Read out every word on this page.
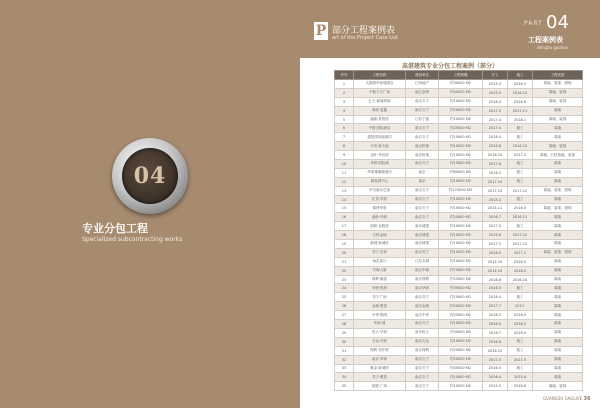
04
专业分包工程
Specialized subcontracting works
P 部分工程案例表
art of the Project Case List
PART 04
工程案例表
dengbu gaolive
高湛建筑专业分包工程案例（部分）
序号	工程名称	建设单位	工程规模	开工	竣工	工程类型
1	大朝湾华侨城酒店	江西地产	约30000 M2	2015.4	2016.5	幕墙、装饰、照明
2	中航九方广场	福江创州	约40000 M2	2015.5	2016.12	幕墙、装饰
3	汇天·新城府邸	南京万宁	约10000 M2	2016.4	2016.8	幕墙、装饰
4	海美·盈鑫	南京万宁	约20000 M2	2017.3	2017.11	幕墙
5	盛嘉·星悦府	江苏宁盛	约10000 M2	2017.4	2018.1	幕墙、装饰
6	中国·国际酒店	南京万宁	约25000 M2	2017.4	施工	幕墙
7	碧桂园凤凰酒店	南京万宁	约15000 M2	2016.4	施工	幕墙
8	中央·新天地	南京恒奥	约10000 M2	2016.8	2016.12	幕墙、装饰
9	金叶·华岩府	南京恒奥	约10000 M2	2016.10	2017.2	幕墙、石材幕墙、装饰
10	华润·国际城	南京万宁	约15000 M2	2017.6	施工	幕墙
11	华泰雅珊湖酒店	南京	约60000 M2	2016.2	施工	幕墙
12	碧桂园中心	南京	约10000 M2	2017.10	施工	幕墙
13	华为南京总部	南京万宁	约270000 M2	2017.10	2017.12	幕墙、装饰、照明
14	汇泰·华府	南京万宁	约10000 M2	2015.4	施工	幕墙
15	锦绣华府	南京万宁	约10000 M2	2015.11	2016.3	幕墙、装饰、照明
16	融侨·华府	南京万宁	约20000 M2	2016.7	2016.11	幕墙
17	招商·金陵府	南京城建	约10000 M2	2017.5	施工	幕墙
18	万科金域	南京城建	约10000 M2	2015.6	2017.12	幕墙
19	新城·新城府	南京城建	约10000 M2	2017.3	2017.12	幕墙
20	苏宁·乐府	南京苏宁	约10000 M2	2016.5	2017.1	幕墙、装饰、照明
21	雨花客厅	江苏名城	约10000 M2	2015.10	2016.5	幕墙
22	中海大厦	南京中海	约75000 M2	2014.10	2016.2	幕墙
23	保利·紫晶	南京保利	约25000 M2	2016.6	2016.10	幕墙
24	华润·悦府	南京华润	约30000 M2	2016.5	施工	幕墙
25	苏宁广场	南京苏宁	约15000 M2	2016.4	施工	幕墙
26	金域·缇香	南京金域	约20000 M2	2017.7	2017.	幕墙
27	中华·锦绣	南京中华	约25000 M2	2016.5	2016.9	幕墙
28	华润·城	南京万宁	约10000 M2	2016.5	2016.2	幕墙
29	恒大·华府	南京恒大	约30000 M2	2016.7	2016.9	幕墙
30	万达·华府	南京万达	约10000 M2	2016.8	施工	幕墙
31	保利·叁仟栋	南京保利	约25000 M2	2016.10	施工	幕墙
32	南京·华润	南京万宁	约20000 M2	2017.5	2017.5	幕墙
33	紫金·新城府	南京万宁	约40000 M2	2016.5	施工	幕墙
34	苏宁·雅居	南京万宁	约10000 M2	2016.4	2015.4	幕墙
35	地铁·广场	南京万宁	约10000 M2	2015.5	2016.6	幕墙、装饰
GUANGSU GAOLIVE 36
